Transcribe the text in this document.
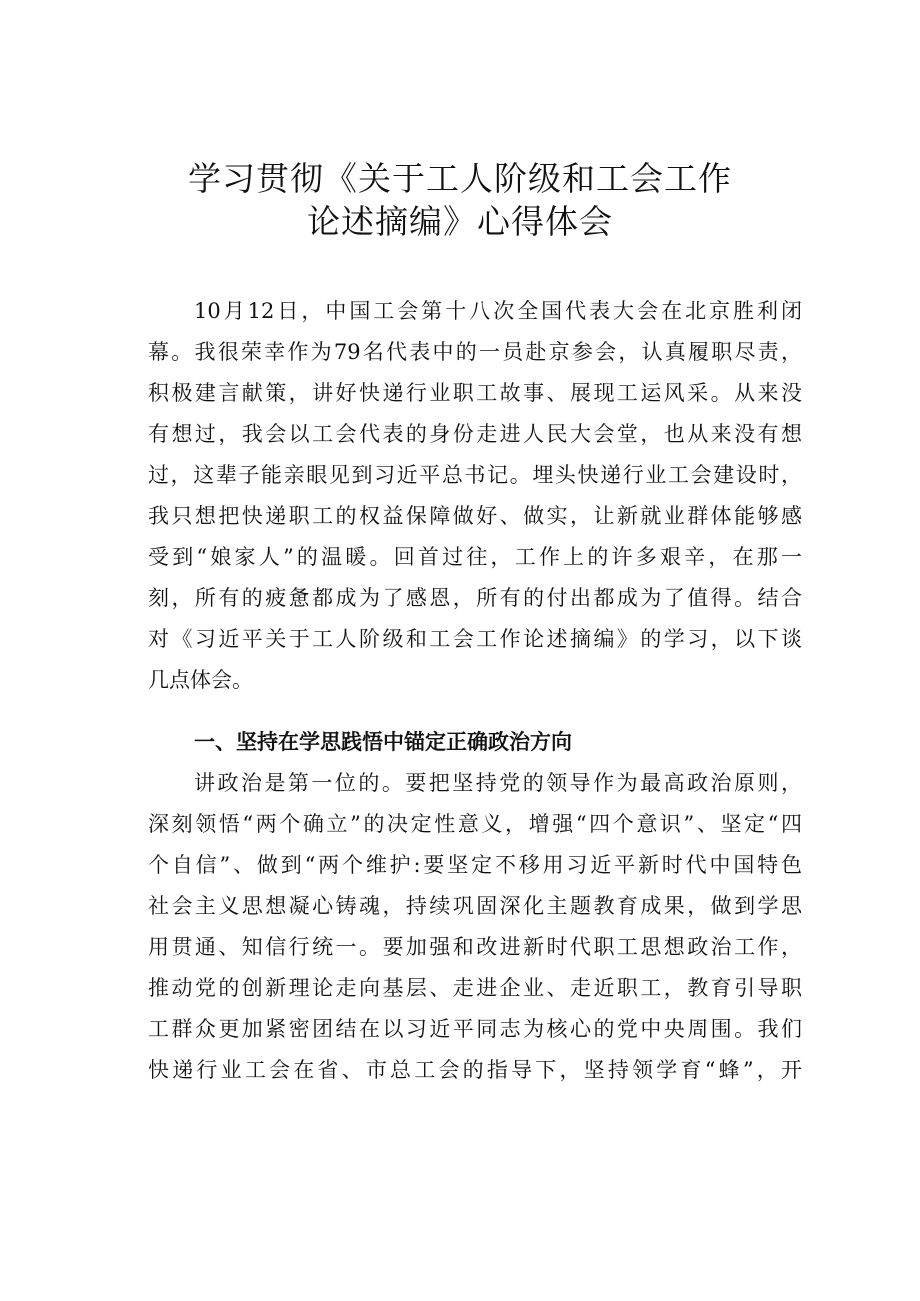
学习贯彻《关于工人阶级和工会工作
论述摘编》心得体会
10月12日，中国工会第十八次全国代表大会在北京胜利闭
幕。我很荣幸作为79名代表中的一员赴京参会，认真履职尽责，
积极建言献策，讲好快递行业职工故事、展现工运风采。从来没
有想过，我会以工会代表的身份走进人民大会堂，也从来没有想
过，这辈子能亲眼见到习近平总书记。埋头快递行业工会建设时，
我只想把快递职工的权益保障做好、做实，让新就业群体能够感
受到“娘家人”的温暖。回首过往，工作上的许多艰辛，在那一
刻，所有的疲惫都成为了感恩，所有的付出都成为了值得。结合
对《习近平关于工人阶级和工会工作论述摘编》的学习，以下谈
几点体会。
一、坚持在学思践悟中锚定正确政治方向
讲政治是第一位的。要把坚持党的领导作为最高政治原则，
深刻领悟“两个确立”的决定性意义，增强“四个意识”、坚定“四
个自信”、做到“两个维护:要坚定不移用习近平新时代中国特色
社会主义思想凝心铸魂，持续巩固深化主题教育成果，做到学思
用贯通、知信行统一。要加强和改进新时代职工思想政治工作，
推动党的创新理论走向基层、走进企业、走近职工，教育引导职
工群众更加紧密团结在以习近平同志为核心的党中央周围。我们
快递行业工会在省、市总工会的指导下，坚持领学育“蜂”，开
